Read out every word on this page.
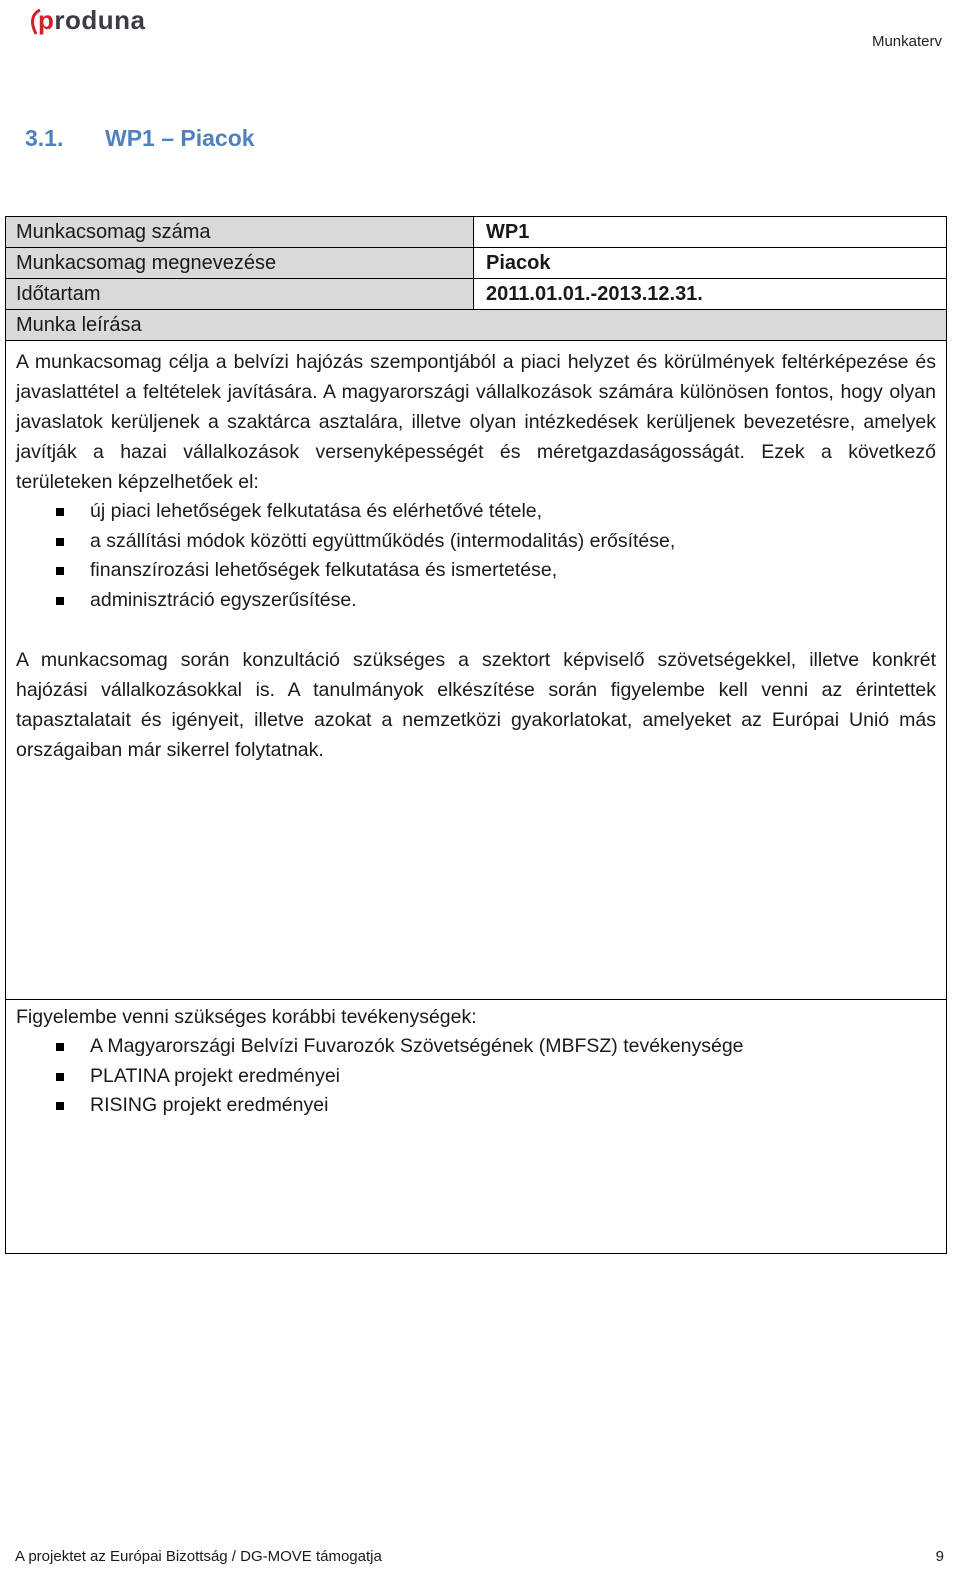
produna
Munkaterv
3.1. WP1 – Piacok
Munkacsomag száma	WP1
Munkacsomag megnevezése	Piacok
Időtartam	2011.01.01.-2013.12.31.
Munka leírása

A munkacsomag célja a belvízi hajózás szempontjából a piaci helyzet és körülmények feltérképezése és javaslattétel a feltételek javítására. A magyarországi vállalkozások számára különösen fontos, hogy olyan javaslatok kerüljenek a szaktárca asztalára, illetve olyan intézkedések kerüljenek bevezetésre, amelyek javítják a hazai vállalkozások versenyképességét és méretgazdaságosságát. Ezek a következő területeken képzelhetőek el:

új piaci lehetőségek felkutatása és elérhetővé tétele,
a szállítási módok közötti együttműködés (intermodalitás) erősítése,
finanszírozási lehetőségek felkutatása és ismertetése,
adminisztráció egyszerűsítése.

A munkacsomag során konzultáció szükséges a szektort képviselő szövetségekkel, illetve konkrét hajózási vállalkozásokkal is. A tanulmányok elkészítése során figyelembe kell venni az érintettek tapasztalatait és igényeit, illetve azokat a nemzetközi gyakorlatokat, amelyeket az Európai Unió más országaiban már sikerrel folytatnak.

Figyelembe venni szükséges korábbi tevékenységek:
A Magyarországi Belvízi Fuvarozók Szövetségének (MBFSZ) tevékenysége
PLATINA projekt eredményei
RISING projekt eredményei
A projektet az Európai Bizottság / DG-MOVE támogatja	9
